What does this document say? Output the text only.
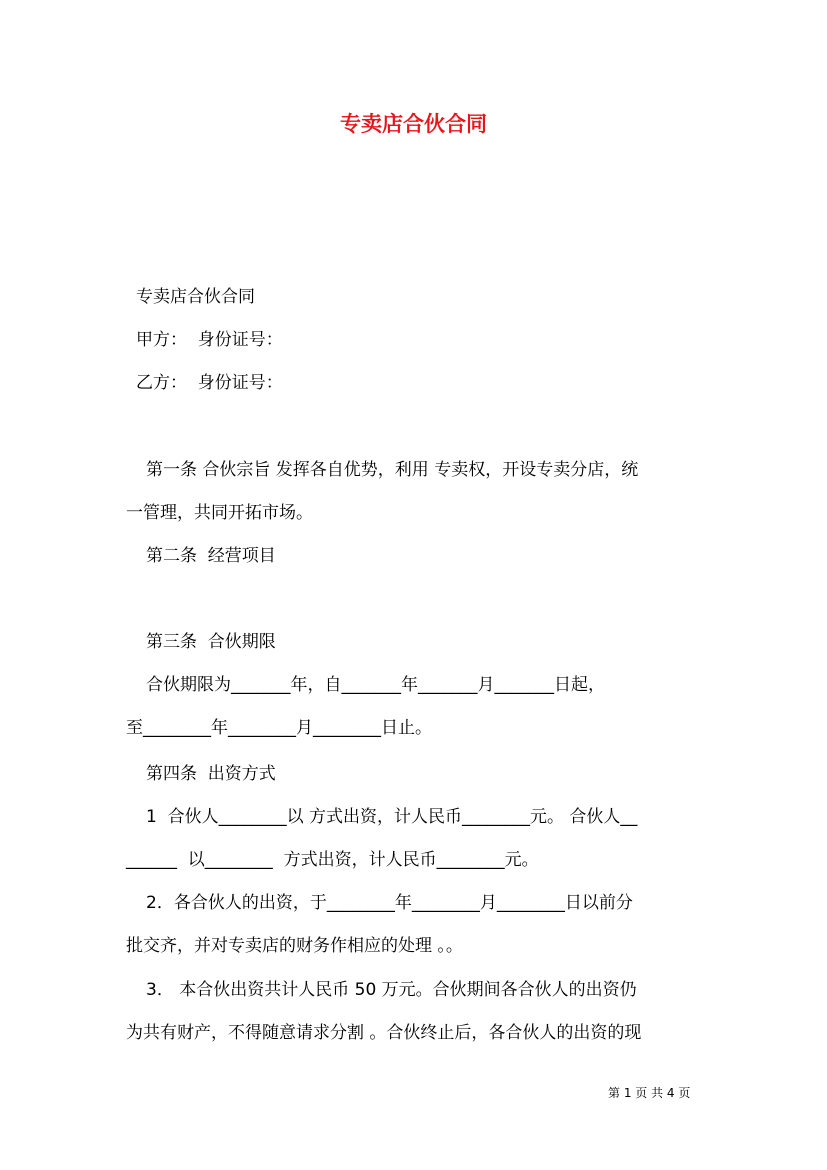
专卖店合伙合同
专卖店合伙合同
甲方：  身份证号：
乙方：  身份证号：
第一条 合伙宗旨 发挥各自优势，利用 专卖权，开设专卖分店，统
一管理，共同开拓市场。
第二条  经营项目
第三条  合伙期限
合伙期限为_______年，自_______年_______月_______日起，
至________年________月________日止。
第四条  出资方式
1  合伙人________以 方式出资，计人民币________元。 合伙人__
______  以________  方式出资，计人民币________元。
2．各合伙人的出资，于________年________月________日以前分
批交齐，并对专卖店的财务作相应的处理 。。
3． 本合伙出资共计人民币 50 万元。合伙期间各合伙人的出资仍
为共有财产，不得随意请求分割 。合伙终止后，各合伙人的出资的现
第 1 页 共 4 页
